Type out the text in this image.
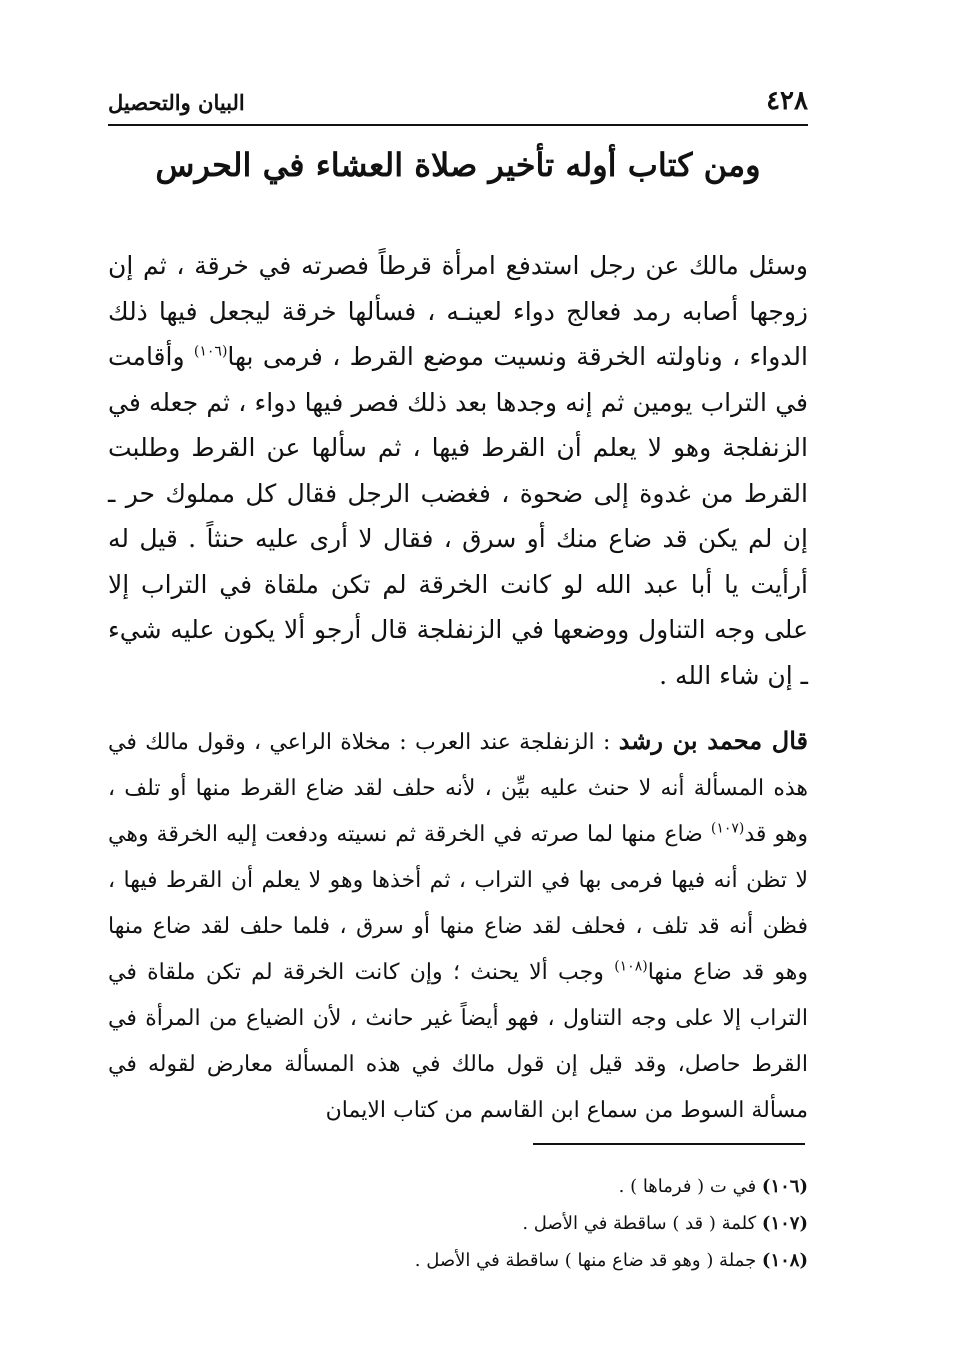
٤٢٨
البيان والتحصيل
ومن كتاب أوله تأخير صلاة العشاء في الحرس
وسئل مالك عن رجل استدفع امرأة قرطاً فصرته في خرقة ، ثم إن زوجها أصابه رمد فعالج دواء لعينـه ، فسألها خرقة ليجعل فيها ذلك الدواء ، وناولته الخرقة ونسيت موضع القرط ، فرمى بها$^{(١٠٦)}$ وأقامت في التراب يومين ثم إنه وجدها بعد ذلك فصر فيها دواء ، ثم جعله في الزنفلجة وهو لا يعلم أن القرط فيها ، ثم سألها عن القرط وطلبت القرط من غدوة إلى ضحوة ، فغضب الرجل فقال كل مملوك حر ـ إن لم يكن قد ضاع منك أو سرق ، فقال لا أرى عليه حنثاً . قيل له أرأيت يا أبا عبد الله لو كانت الخرقة لم تكن ملقاة في التراب إلا على وجه التناول ووضعها في الزنفلجة قال أرجو ألا يكون عليه شيء ـ إن شاء الله .
قال محمد بن رشد : الزنفلجة عند العرب : مخلاة الراعي ، وقول مالك في هذه المسألة أنه لا حنث عليه بيِّن ، لأنه حلف لقد ضاع القرط منها أو تلف ، وهو قد$^{(١٠٧)}$ ضاع منها لما صرته في الخرقة ثم نسيته ودفعت إليه الخرقة وهي لا تظن أنه فيها فرمى بها في التراب ، ثم أخذها وهو لا يعلم أن القرط فيها ، فظن أنه قد تلف ، فحلف لقد ضاع منها أو سرق ، فلما حلف لقد ضاع منها وهو قد ضاع منها$^{(١٠٨)}$ وجب ألا يحنث ؛ وإن كانت الخرقة لم تكن ملقاة في التراب إلا على وجه التناول ، فهو أيضاً غير حانث ، لأن الضياع من المرأة في القرط حاصل، وقد قيل إن قول مالك في هذه المسألة معارض لقوله في مسألة السوط من سماع ابن القاسم من كتاب الايمان
(١٠٦) في ت ( فرماها ) .
(١٠٧) كلمة ( قد ) ساقطة في الأصل .
(١٠٨) جملة ( وهو قد ضاع منها ) ساقطة في الأصل .
